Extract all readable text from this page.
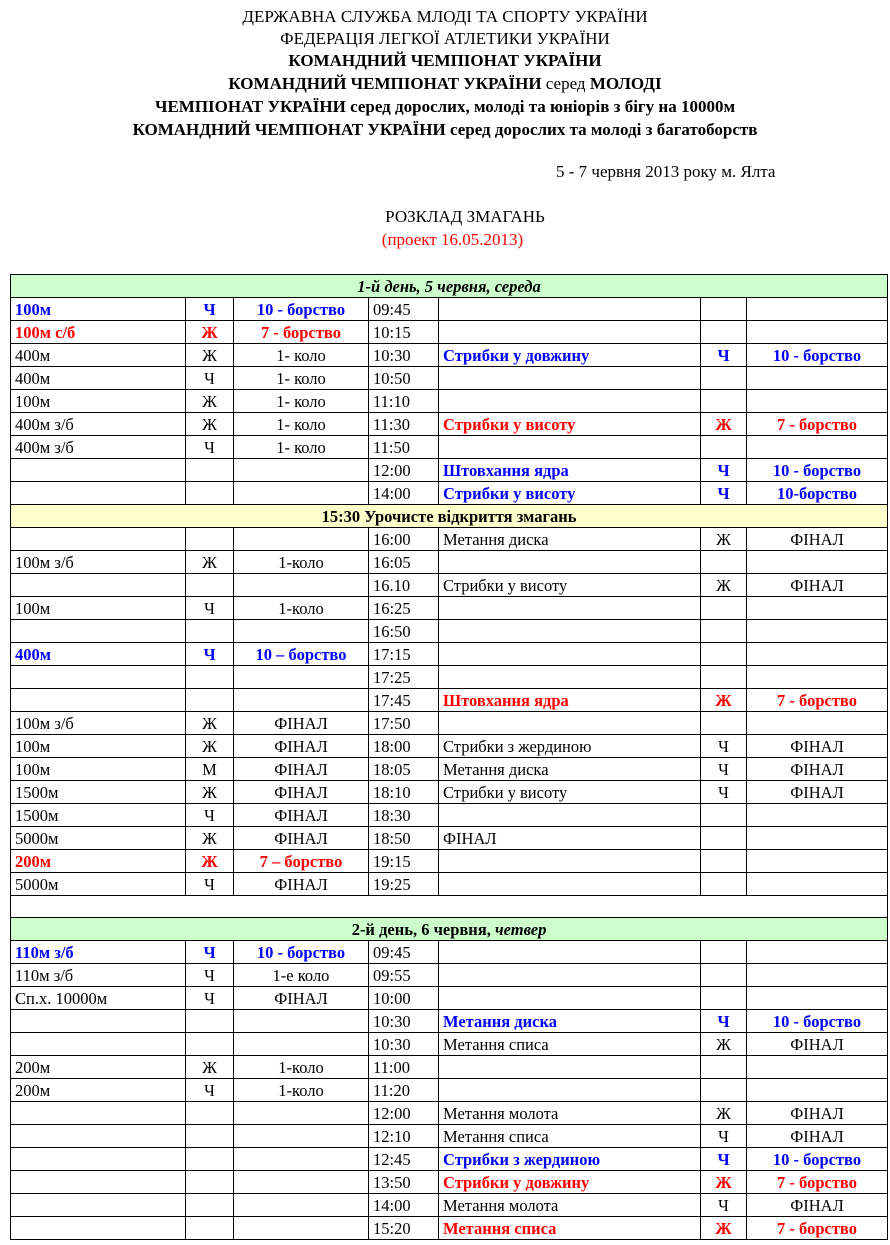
ДЕРЖАВНА СЛУЖБА МЛОДІ ТА СПОРТУ УКРАЇНИ
ФЕДЕРАЦІЯ ЛЕГКОЇ АТЛЕТИКИ УКРАЇНИ
КОМАНДНИЙ ЧЕМПІОНАТ УКРАЇНИ
КОМАНДНИЙ ЧЕМПІОНАТ УКРАЇНИ серед МОЛОДІ
ЧЕМПІОНАТ УКРАЇНИ серед дорослих, молоді та юніорів з бігу на 10000м
КОМАНДНИЙ ЧЕМПІОНАТ УКРАЇНИ серед дорослих та молоді з багатоборств
5 - 7 червня 2013 року м. Ялта
РОЗКЛАД ЗМАГАНЬ
(проект 16.05.2013)
1-й день, 5 червня, середа						
100м	Ч	10 - борство	09:45			
100м с/б	Ж	7 - борство	10:15			
400м	Ж	1- коло	10:30	Стрибки у довжину	Ч	10 - борство
400м	Ч	1- коло	10:50			
100м	Ж	1- коло	11:10			
400м з/б	Ж	1- коло	11:30	Стрибки у висоту	Ж	7 - борство
400м з/б	Ч	1- коло	11:50			
			12:00	Штовхання ядра	Ч	10 - борство
			14:00	Стрибки у висоту	Ч	10-борство
15:30 Урочисте відкриття змагань						
			16:00	Метання диска	Ж	ФІНАЛ
100м з/б	Ж	1-коло	16:05			
			16.10	Стрибки у висоту	Ж	ФІНАЛ
100м	Ч	1-коло	16:25			
			16:50			
400м	Ч	10 – борство	17:15			
			17:25			
			17:45	Штовхання ядра	Ж	7 - борство
100м з/б	Ж	ФІНАЛ	17:50			
100м	Ж	ФІНАЛ	18:00	Стрибки з жердиною	Ч	ФІНАЛ
100м	М	ФІНАЛ	18:05	Метання диска	Ч	ФІНАЛ
1500м	Ж	ФІНАЛ	18:10	Стрибки у висоту	Ч	ФІНАЛ
1500м	Ч	ФІНАЛ	18:30			
5000м	Ж	ФІНАЛ	18:50	ФІНАЛ		
200м	Ж	7 – борство	19:15			
5000м	Ч	ФІНАЛ	19:25			

2-й день, 6 червня, четвер						
110м з/б	Ч	10 - борство	09:45			
110м з/б	Ч	1-е коло	09:55			
Сп.х. 10000м	Ч	ФІНАЛ	10:00			
			10:30	Метання диска	Ч	10 - борство
			10:30	Метання списа	Ж	ФІНАЛ
200м	Ж	1-коло	11:00			
200м	Ч	1-коло	11:20			
			12:00	Метання молота	Ж	ФІНАЛ
			12:10	Метання списа	Ч	ФІНАЛ
			12:45	Стрибки з жердиною	Ч	10 - борство
			13:50	Стрибки у довжину	Ж	7 - борство
			14:00	Метання молота	Ч	ФІНАЛ
			15:20	Метання списа	Ж	7 - борство
